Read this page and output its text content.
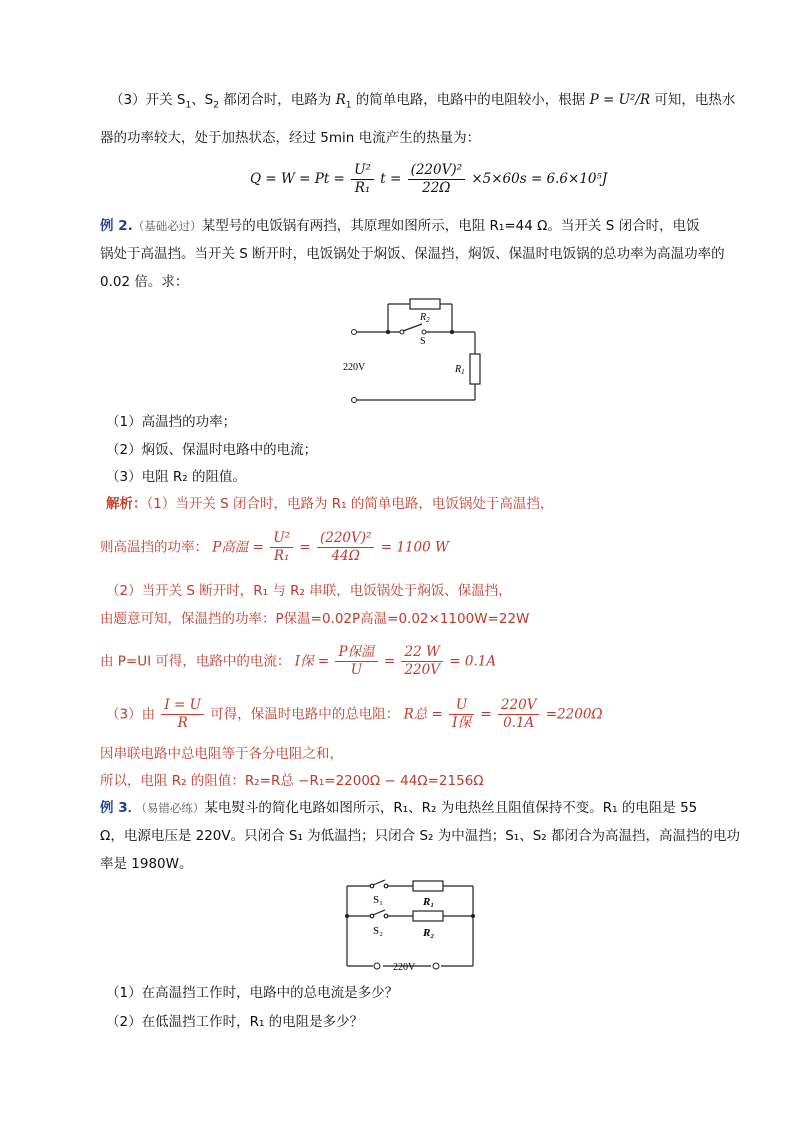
（3）开关 $S_1$、$S_2$ 都闭合时，电路为 $R_1$ 的简单电路，电路中的电阻较小，根据 P = U²/R 可知，电热水
器的功率较大，处于加热状态，经过 5min 电流产生的热量为：
$Q = W = Pt = \frac{\text{U²}}{\text{R₁}}$ $t = \frac{\text{(220V)²}}{22\Omega} \times 5\times 60s = 6.6\times 10^5J$
例 2.（基础必过）某型号的电饭锅有两挡，其原理如图所示，电阻 R₁=44 Ω。当开关 S 闭合时，电饭
锅处于高温挡。当开关 S 断开时，电饭锅处于焖饭、保温挡，焖饭、保温时电饭锅的总功率为高温功率的
0.02 倍。求：
220V
$R_2$
S
$R_1$
（1）高温挡的功率；
（2）焖饭、保温时电路中的电流；
（3）电阻 R₂ 的阻值。
解析：（1）当开关 S 闭合时，电路为 R₁ 的简单电路，电饭锅处于高温挡，
则高温挡的功率： P高温 = $\frac{\text{U²}}{\text{R₁}} = \frac{\text{(220V)²}}{44\Omega} = 1100$ W
（2）当开关 S 断开时，R₁ 与 R₂ 串联，电饭锅处于焖饭、保温挡，
由题意可知，保温挡的功率：P保温=0.02P高温=0.02×1100W=22W
由 P=UI 可得，电路中的电流： I保 = $\frac{\text{P保温}}{U} = \frac{22 W}{220V} = 0.1A$
（3）由 $\frac{I = U}{R}$ 可得，保温时电路中的总电阻： R总 = $\frac{U}{\text{I保}} = \frac{220V}{0.1A} =2200\Omega$
因串联电路中总电阻等于各分电阻之和，
所以，电阻 R₂ 的阻值：R₂=R总 −R₁=2200Ω − 44Ω=2156Ω
例 3．（易错必练）某电熨斗的简化电路如图所示，R₁、R₂ 为电热丝且阻值保持不变。R₁ 的电阻是 55
Ω，电源电压是 220V。只闭合 S₁ 为低温挡；只闭合 S₂ 为中温挡；S₁、S₂ 都闭合为高温挡，高温挡的电功
率是 1980W。
S₁
S₂
R₁
R₂
220V
（1）在高温挡工作时，电路中的总电流是多少？
（2）在低温挡工作时，R₁ 的电阻是多少？
